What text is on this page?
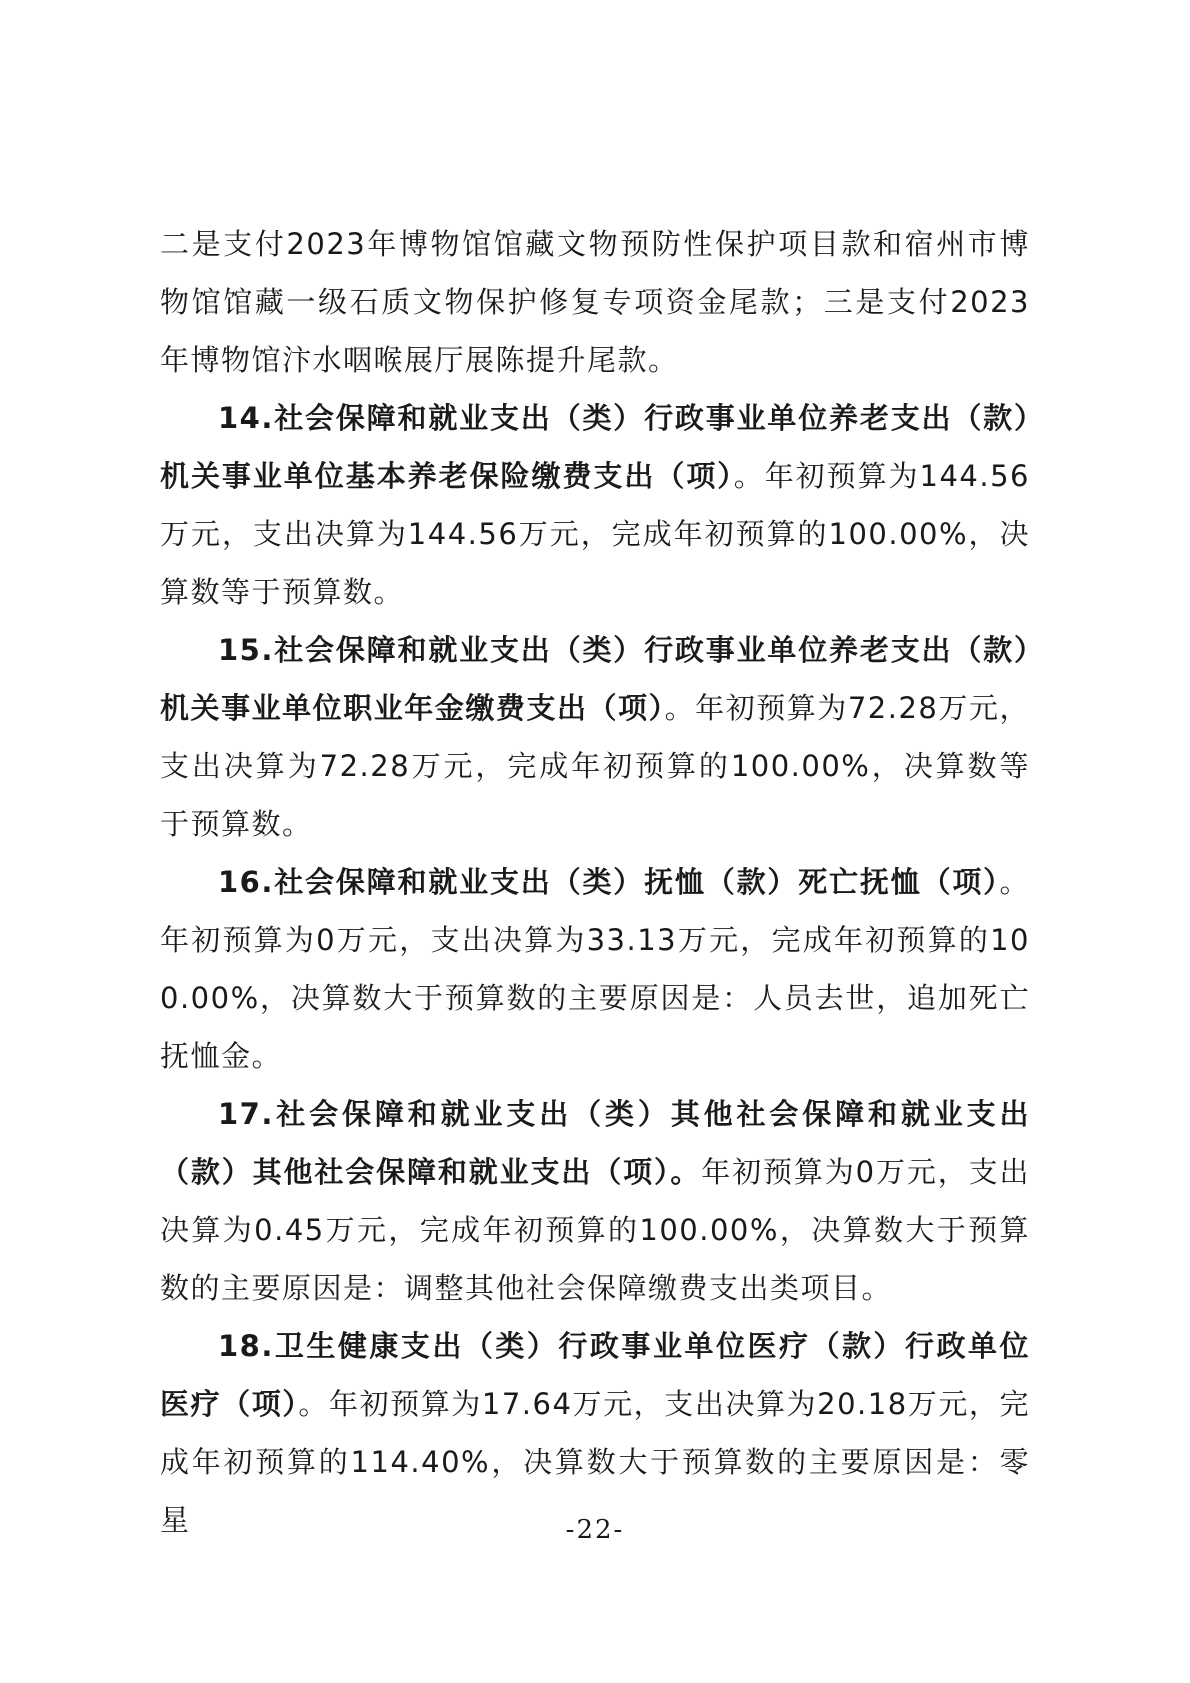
二是支付2023年博物馆馆藏文物预防性保护项目款和宿州市博物馆馆藏一级石质文物保护修复专项资金尾款；三是支付2023年博物馆汴水咽喉展厅展陈提升尾款。

14.社会保障和就业支出（类）行政事业单位养老支出（款）机关事业单位基本养老保险缴费支出（项）。年初预算为144.56万元，支出决算为144.56万元，完成年初预算的100.00%，决算数等于预算数。

15.社会保障和就业支出（类）行政事业单位养老支出（款）机关事业单位职业年金缴费支出（项）。年初预算为72.28万元，支出决算为72.28万元，完成年初预算的100.00%，决算数等于预算数。

16.社会保障和就业支出（类）抚恤（款）死亡抚恤（项）。年初预算为0万元，支出决算为33.13万元，完成年初预算的100.00%，决算数大于预算数的主要原因是：人员去世，追加死亡抚恤金。

17.社会保障和就业支出（类）其他社会保障和就业支出（款）其他社会保障和就业支出（项）。年初预算为0万元，支出决算为0.45万元，完成年初预算的100.00%，决算数大于预算数的主要原因是：调整其他社会保障缴费支出类项目。

18.卫生健康支出（类）行政事业单位医疗（款）行政单位医疗（项）。年初预算为17.64万元，支出决算为20.18万元，完成年初预算的114.40%，决算数大于预算数的主要原因是：零星	-22-
